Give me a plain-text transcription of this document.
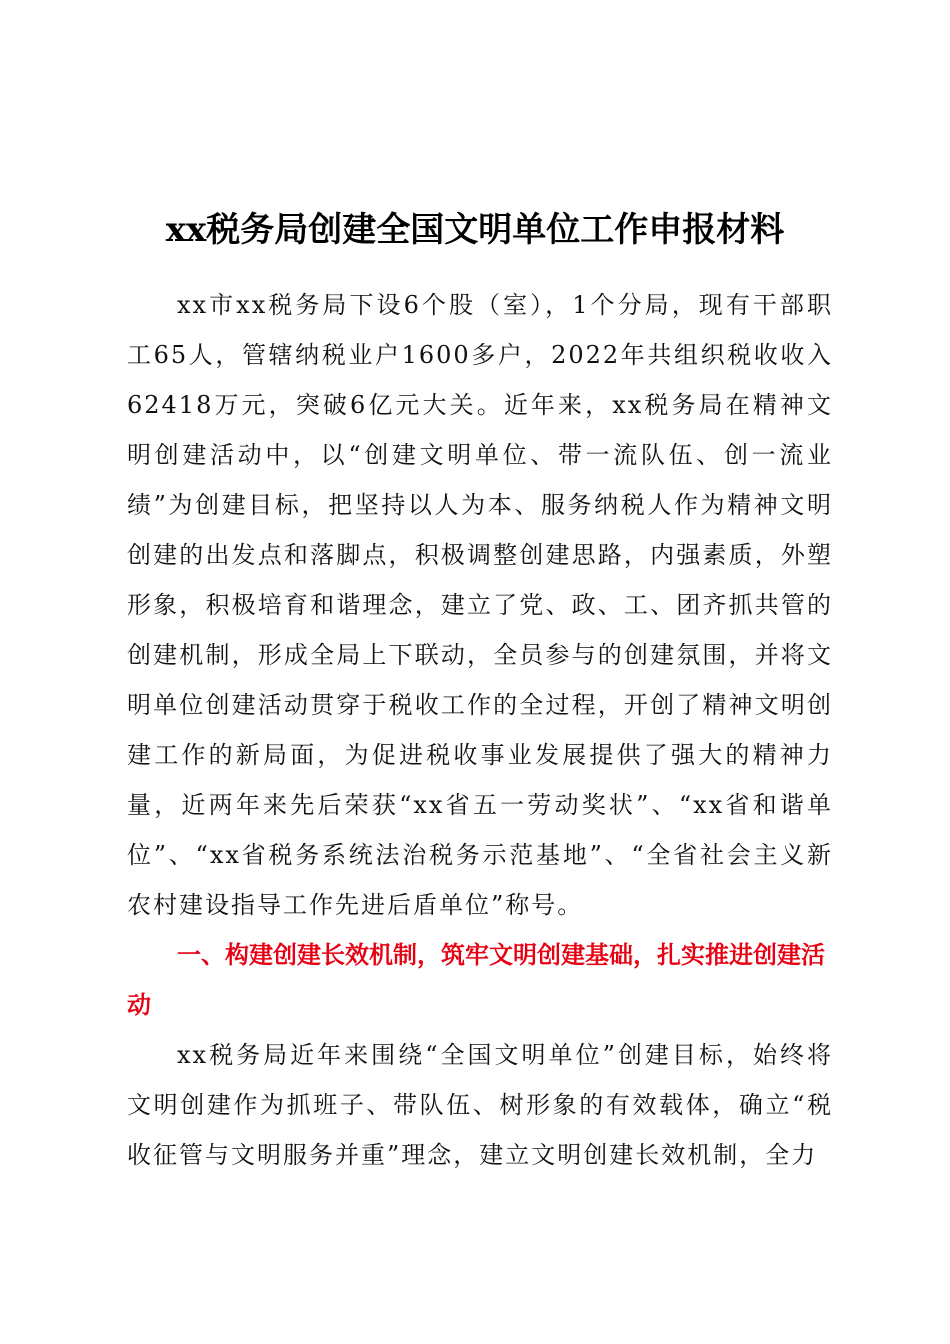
xx税务局创建全国文明单位工作申报材料

xx市xx税务局下设6个股（室），1个分局，现有干部职工65人，管辖纳税业户1600多户，2022年共组织税收收入62418万元，突破6亿元大关。近年来，xx税务局在精神文明创建活动中，以“创建文明单位、带一流队伍、创一流业绩”为创建目标，把坚持以人为本、服务纳税人作为精神文明创建的出发点和落脚点，积极调整创建思路，内强素质，外塑形象，积极培育和谐理念，建立了党、政、工、团齐抓共管的创建机制，形成全局上下联动，全员参与的创建氛围，并将文明单位创建活动贯穿于税收工作的全过程，开创了精神文明创建工作的新局面，为促进税收事业发展提供了强大的精神力量，近两年来先后荣获“xx省五一劳动奖状”、“xx省和谐单位”、“xx省税务系统法治税务示范基地”、“全省社会主义新农村建设指导工作先进后盾单位”称号。

一、构建创建长效机制，筑牢文明创建基础，扎实推进创建活动

xx税务局近年来围绕“全国文明单位”创建目标，始终将文明创建作为抓班子、带队伍、树形象的有效载体，确立“税收征管与文明服务并重”理念，建立文明创建长效机制，全力
